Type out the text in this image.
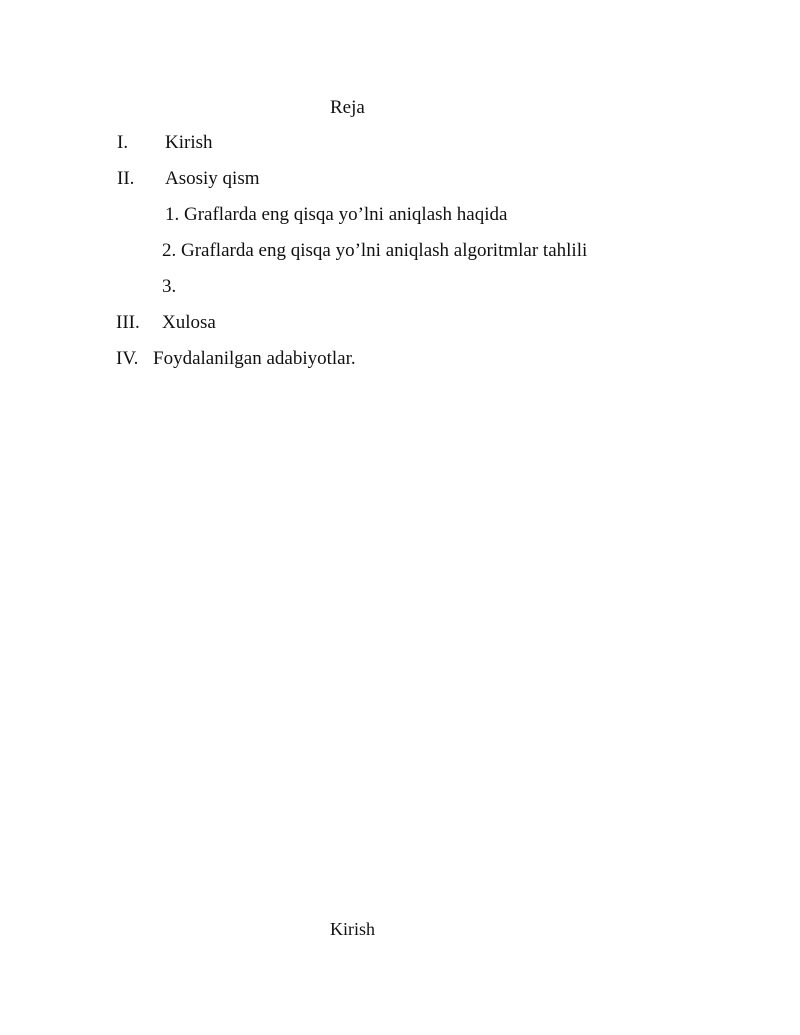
Reja
I. Kirish
II. Asosiy qism
1. Graflarda eng qisqa yo’lni aniqlash haqida
2. Graflarda eng qisqa yo’lni aniqlash algoritmlar tahlili
3.
III. Xulosa
IV. Foydalanilgan adabiyotlar.
Kirish
